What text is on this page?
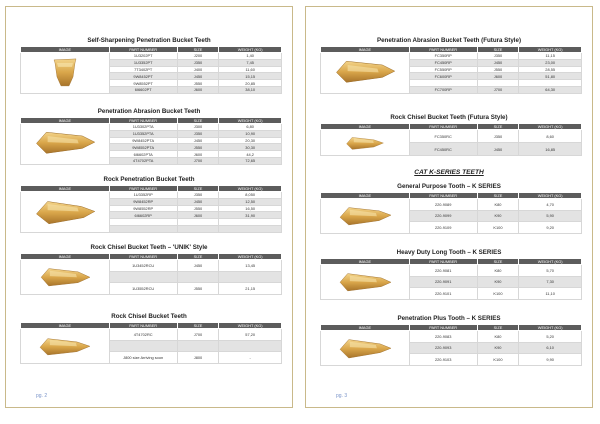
pg. 2
Self-Sharpening Penetration Bucket Teeth
IMAGE	PART NUMBER	SIZE	WEIGHT (KG)

	1U3202PT	J200	1,40
	1U3352PT	J350	7,45
	7T3402PT	J400	11,60
	9W8452PT	J450	15,15
	9W8552PT	J550	20,85
	6I6602PT	J600	38,10
Penetration Abrasion Bucket Teeth
IMAGE	PART NUMBER	SIZE	WEIGHT (KG)

	1U3302PTA	J300	6,80
	1U3352PTA	J350	10,90
	9W8452PTA	J450	20,30
	9W8552PTA	J550	30,30
	6I6602PTA	J600	44,2
	4T4702PTA	J700	72,65
Rock Penetration Bucket Teeth
IMAGE	PART NUMBER	SIZE	WEIGHT (KG)

	1U3352RP	J350	8,050
	9W8452RP	J450	12,50
	9W8552RP	J550	16,50
	6I6602RP	J600	31,90

Rock Chisel Bucket Teeth – 'UNIK' Style
IMAGE	PART NUMBER	SIZE	WEIGHT (KG)

	1U3452RCU	J450	13,45

	1U3552RCU	J550	21,15
Rock Chisel Bucket Teeth
IMAGE	PART NUMBER	SIZE	WEIGHT (KG)

	4T4702RC	J700	57,20

	J800 size Arriving soon	J800	-
pg. 3
Penetration Abrasion Bucket Teeth (Futura Style)
IMAGE	PART NUMBER	SIZE	WEIGHT (KG)

	FC350RP	J350	11,15
	FC450RP	J450	23,00
	FC550RP	J550	28,55
	FC600RP	J600	51,80

	FC700RP	J700	64,30
Rock Chisel Bucket Teeth (Futura Style)
IMAGE	PART NUMBER	SIZE	WEIGHT (KG)

	FC350RC	J350	8,60
	FC450RC	J450	16,85
CAT K-SERIES TEETH
General Purpose Tooth – K SERIES
IMAGE	PART NUMBER	SIZE	WEIGHT (KG)

	220-9089	K80	4,70
	220-9099	K90	5,90
	220-9109	K100	9,20
Heavy Duty Long Tooth – K SERIES
IMAGE	PART NUMBER	SIZE	WEIGHT (KG)

	220-9081	K80	5,70
	220-9091	K90	7,30
	220-9101	K100	11,10
Penetration Plus Tooth – K SERIES
IMAGE	PART NUMBER	SIZE	WEIGHT (KG)

	220-9083	K80	5,20
	220-9093	K90	6,10
	220-9103	K100	9,90
